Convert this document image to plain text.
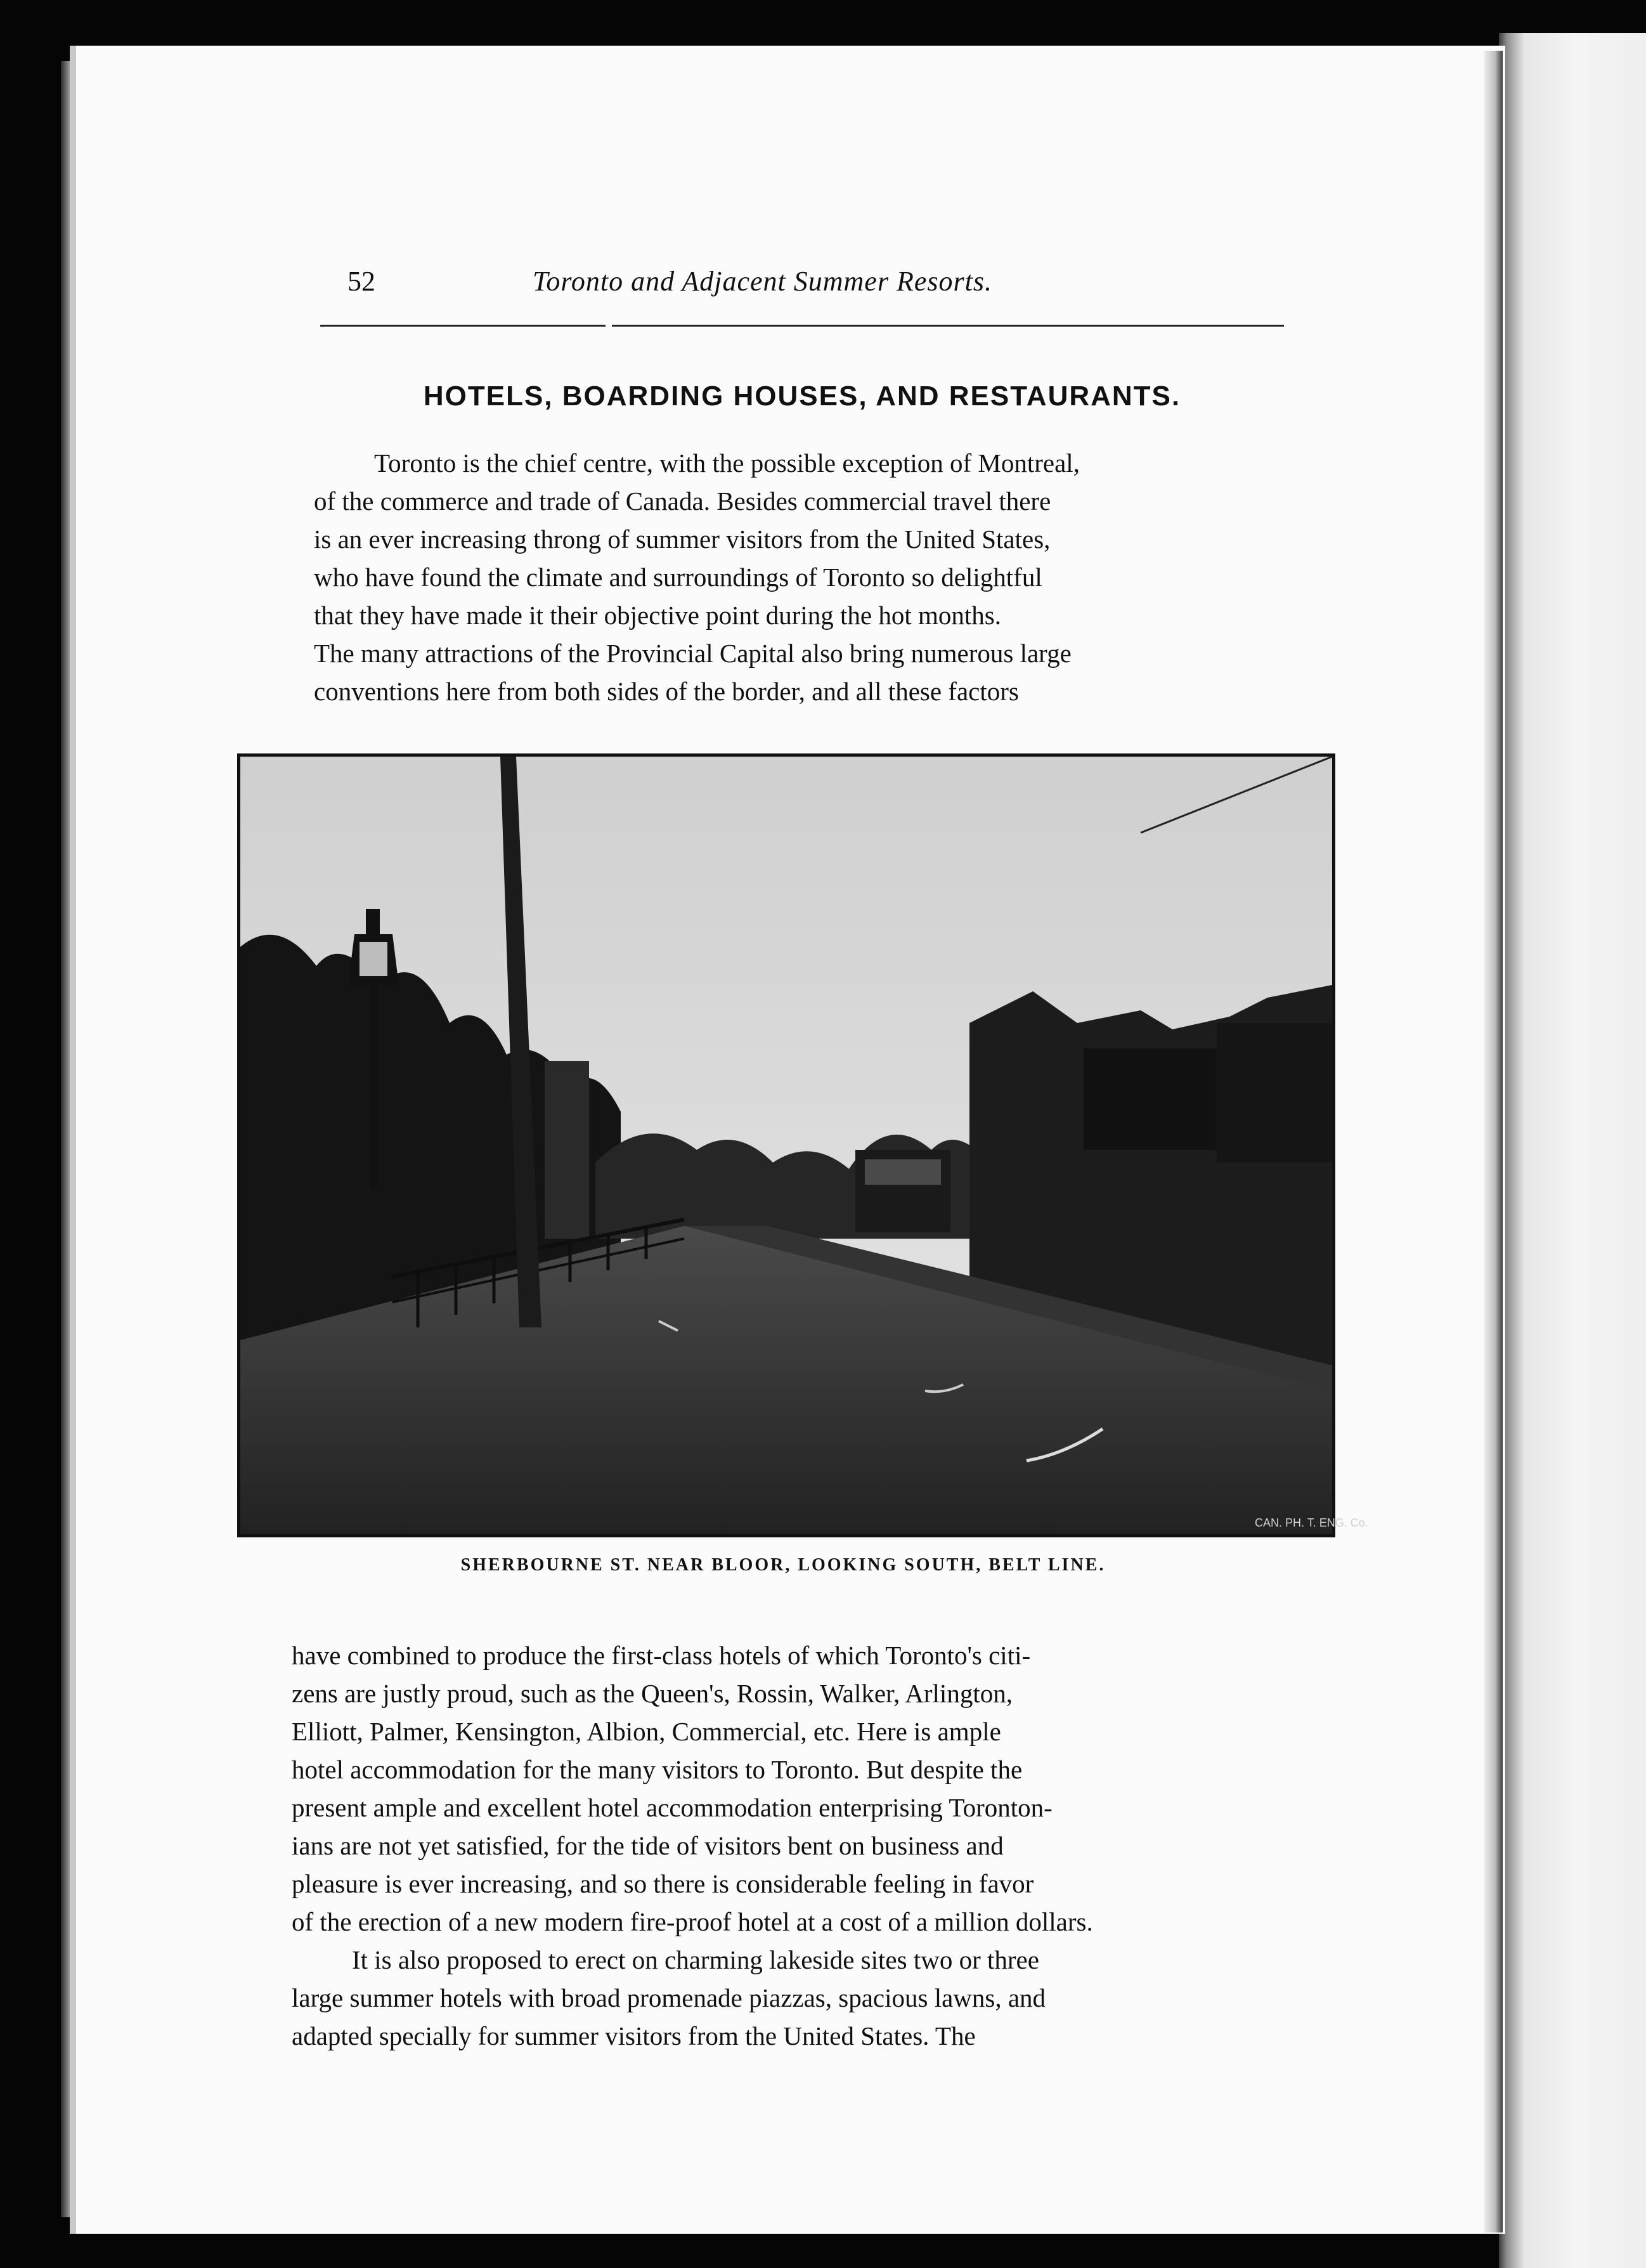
52	Toronto and Adjacent Summer Resorts.
HOTELS, BOARDING HOUSES, AND RESTAURANTS.

Toronto is the chief centre, with the possible exception of Montreal,
of the commerce and trade of Canada. Besides commercial travel there
is an ever increasing throng of summer visitors from the United States,
who have found the climate and surroundings of Toronto so delightful
that they have made it their objective point during the hot months.
The many attractions of the Provincial Capital also bring numerous large
conventions here from both sides of the border, and all these factors

CAN. PH. T. ENG. Co.
SHERBOURNE ST. NEAR BLOOR, LOOKING SOUTH, BELT LINE.

have combined to produce the first-class hotels of which Toronto's citi-
zens are justly proud, such as the Queen's, Rossin, Walker, Arlington,
Elliott, Palmer, Kensington, Albion, Commercial, etc. Here is ample
hotel accommodation for the many visitors to Toronto. But despite the
present ample and excellent hotel accommodation enterprising Toronton-
ians are not yet satisfied, for the tide of visitors bent on business and
pleasure is ever increasing, and so there is considerable feeling in favor
of the erection of a new modern fire-proof hotel at a cost of a million dollars.
It is also proposed to erect on charming lakeside sites two or three
large summer hotels with broad promenade piazzas, spacious lawns, and
adapted specially for summer visitors from the United States. The
